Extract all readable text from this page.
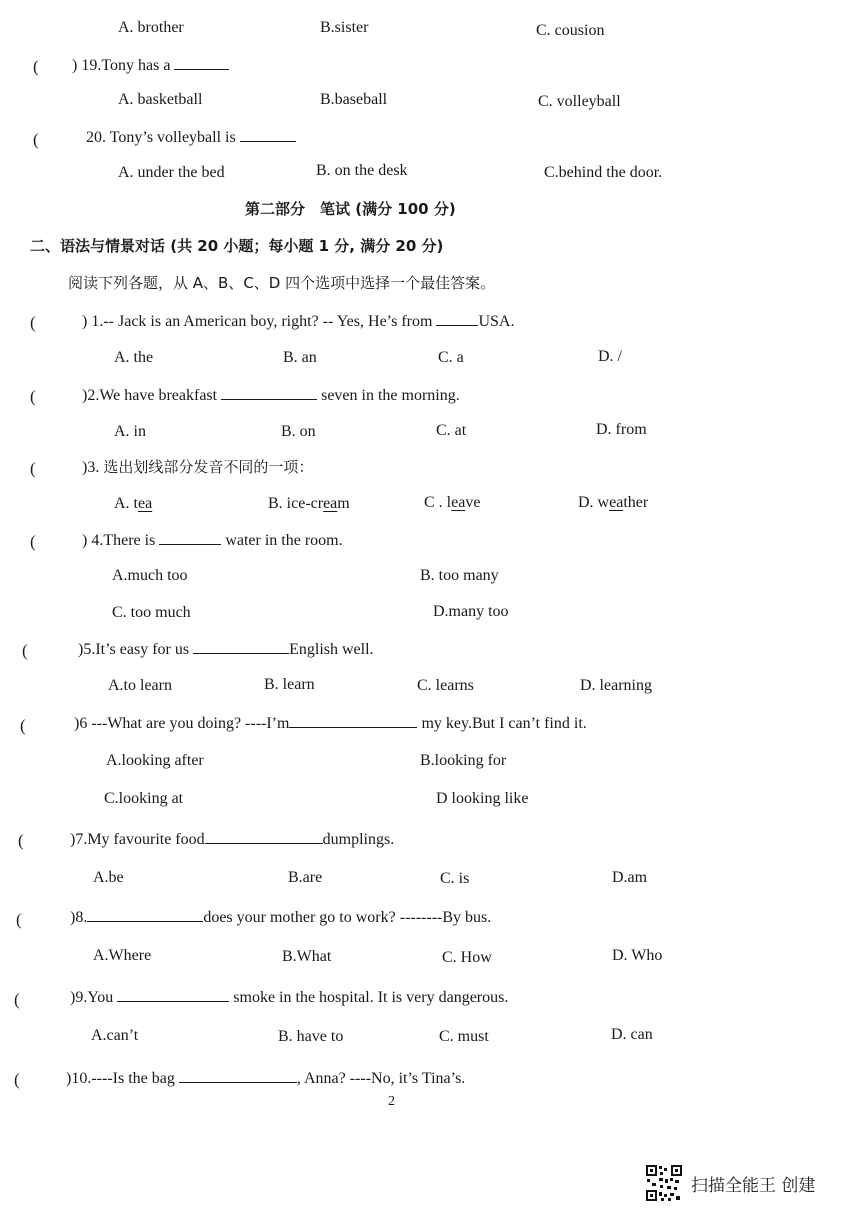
A. brother	B.sister	C. cousion
( ) 19.Tony has a
A. basketball	B.baseball	C. volleyball
(	20. Tony’s volleyball is
A. under the bed	B. on the desk	C.behind the door.
第二部分　笔试 (满分 100 分)
二、语法与情景对话 (共 20 小题；每小题 1 分, 满分 20 分)
阅读下列各题，从 A、B、C、D 四个选项中选择一个最佳答案。
(	) 1.-- Jack is an American boy, right? -- Yes, He’s from	USA.
A. the	B. an	C. a	D. /
(	)2.We have breakfast	seven in the morning.
A. in	B. on	C. at	D. from
(	)3. 选出划线部分发音不同的一项：
A. tea	B. ice-cream	C . leave	D. weather
(	) 4.There is	water in the room.
A.much too	B. too many
C. too much	D.many too
(	)5.It’s easy for us	English well.
A.to learn	B. learn	C. learns	D. learning
(	)6 ---What are you doing? ----I’m	my key.But I can’t find it.
A.looking after	B.looking for
C.looking at	D looking like
(	)7.My favourite food	dumplings.
A.be	B.are	C. is	D.am
(	)8.	does your mother go to work? --------By bus.
A.Where	B.What	C. How	D. Who
(	)9.You	smoke in the hospital. It is very dangerous.
A.can’t	B. have to	C. must	D. can
(	)10.----Is the bag	, Anna? ----No, it’s Tina’s.
2
扫描全能王 创建
